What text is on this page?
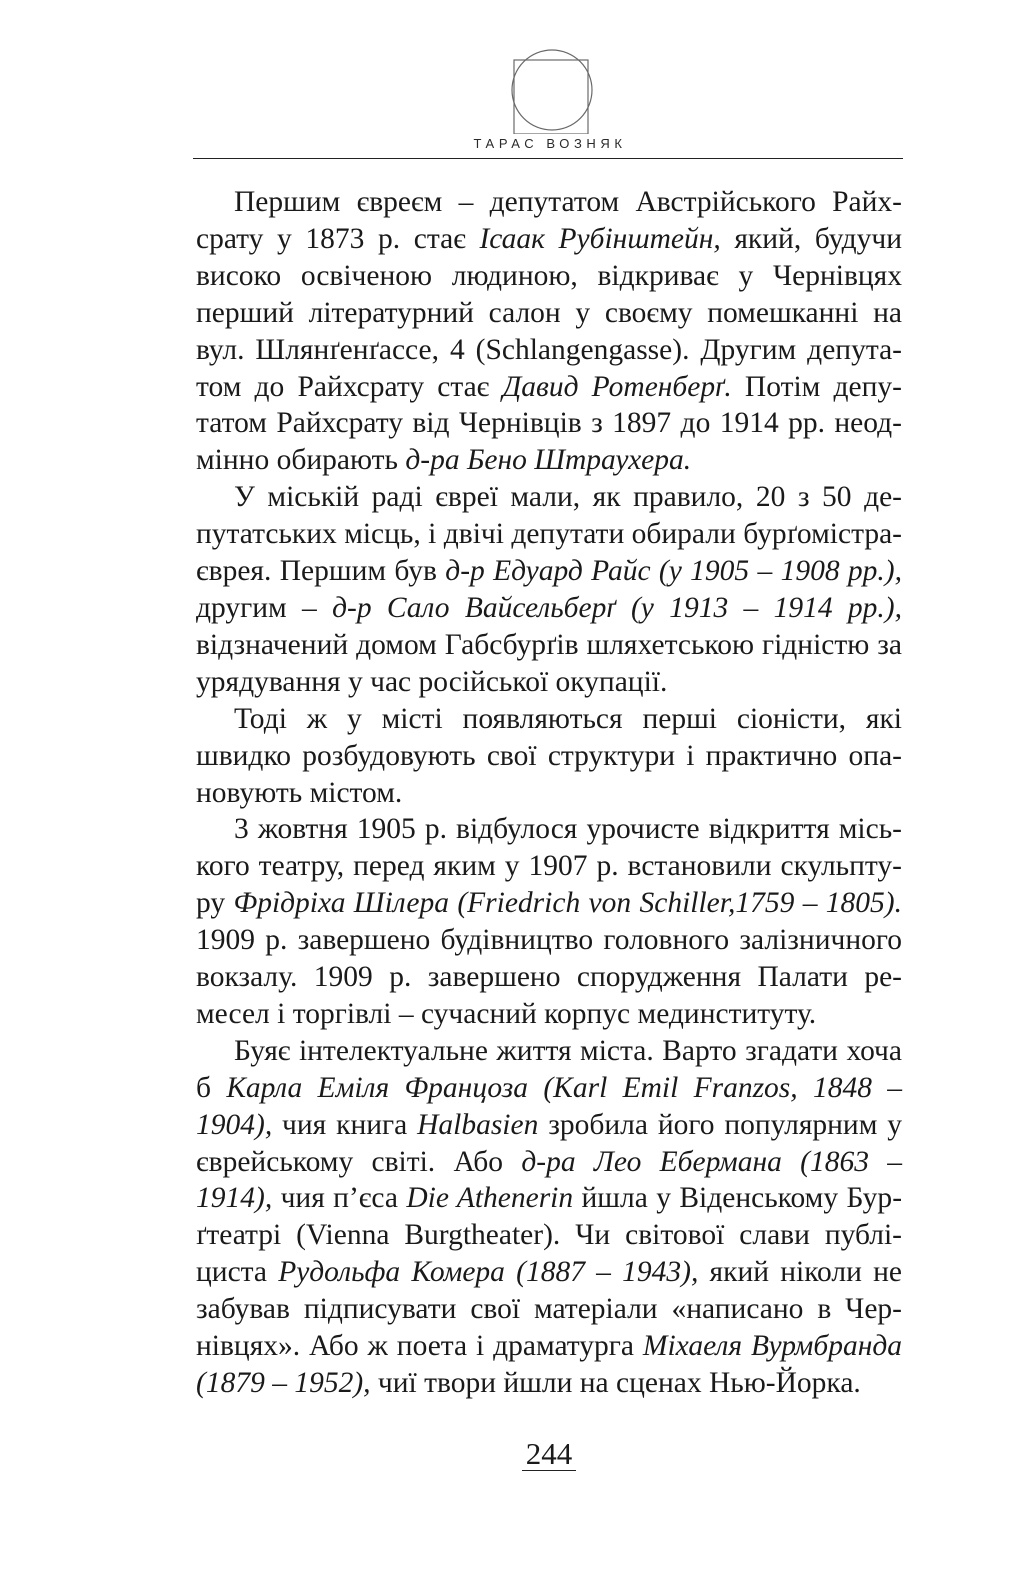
ТАРАС ВОЗНЯК

Першим євреєм – депутатом Австрійського Райхсрату у 1873 р. стає Ісаак Рубінштейн, який, будучи високо освіченою людиною, відкриває у Чернівцях перший літературний салон у своєму помешканні на вул. Шлянґенґассе, 4 (Schlangengasse). Другим депутатом до Райхсрату стає Давид Ротенберґ. Потім депутатом Райхсрату від Чернівців з 1897 до 1914 рр. неодмінно обирають д-ра Бено Штраухера.

У міській раді євреї мали, як правило, 20 з 50 депутатських місць, і двічі депутати обирали бурґомістра-єврея. Першим був д-р Едуард Райс (у 1905 – 1908 рр.), другим – д-р Сало Вайсельберґ (у 1913 – 1914 рр.), відзначений домом Габсбурґів шляхетською гідністю за урядування у час російської окупації.

Тоді ж у місті появляються перші сіоністи, які швидко розбудовують свої структури і практично опановують містом.

3 жовтня 1905 р. відбулося урочисте відкриття міського театру, перед яким у 1907 р. встановили скульптуру Фрідріха Шілера (Friedrich von Schiller,1759 – 1805). 1909 р. завершено будівництво головного залізничного вокзалу. 1909 р. завершено спорудження Палати ремесел і торгівлі – сучасний корпус мединституту.

Буяє інтелектуальне життя міста. Варто згадати хоча б Карла Еміля Францоза (Karl Emil Franzos, 1848 – 1904), чия книга Halbasien зробила його популярним у єврейському світі. Або д-ра Лео Ебермана (1863 – 1914), чия п’єса Die Athenerin йшла у Віденському Бурґтеатрі (Vienna Burgtheater). Чи світової слави публіциста Рудольфа Комера (1887 – 1943), який ніколи не забував підписувати свої матеріали «написано в Чернівцях». Або ж поета і драматурга Міхаеля Вурмбранда (1879 – 1952), чиї твори йшли на сценах Нью-Йорка.

244
